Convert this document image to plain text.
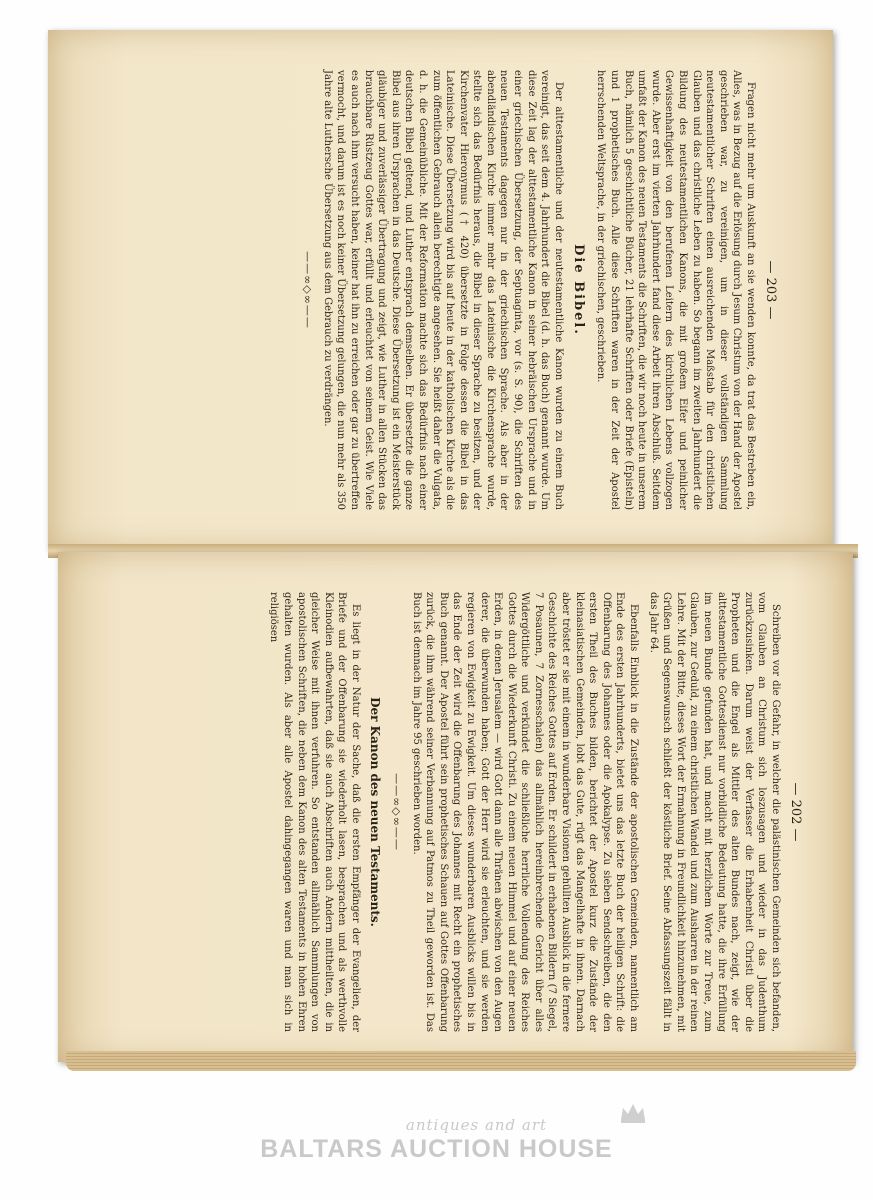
— 203 —

Fragen nicht mehr um Auskunft an sie wenden konnte, da trat das Bestreben ein, Alles, was in Bezug auf die Erlösung durch Jesum Christum von der Hand der Apostel geschrieben war, zu vereinigen, um in dieser vollständigen Sammlung neutestamentlicher Schriften einen ausreichenden Maßstab für den christlichen Glauben und das christliche Leben zu haben. So begann im zweiten Jahrhundert die Bildung des neutestamentlichen Kanons, die mit großem Eifer und peinlicher Gewissenhaftigkeit von den berufenen Leitern des kirchlichen Lebens vollzogen wurde. Aber erst im vierten Jahrhundert fand diese Arbeit ihren Abschluß. Seitdem umfaßt der Kanon des neuen Testaments die Schriften, die wir noch heute in unserem Buch, nämlich 5 geschichtliche Bücher, 21 lehrhafte Schriften oder Briefe (Episteln) und 1 prophetisches Buch. Alle diese Schriften waren in der Zeit der Apostel herrschenden Weltsprache, in der griechischen, geschrieben.

Die Bibel.

Der alttestamentliche und der neutestamentliche Kanon wurden zu einem Buch vereinigt, das seit dem 4. Jahrhundert die Bibel (d. h. das Buch) genannt wurde. Um diese Zeit lag der alttestamentliche Kanon in seiner hebräischen Ursprache und in einer griechischen Übersetzung, der Septuaginta, vor (s. S. 90), die Schriften des neuen Testaments dagegen nur in der griechischen Sprache. Als aber in der abendländischen Kirche immer mehr das Lateinische die Kirchensprache wurde, stellte sich das Bedürfnis heraus, die Bibel in dieser Sprache zu besitzen, und der Kirchenvater Hieronymus († 420) übersetzte in Folge dessen die Bibel in das Lateinische. Diese Übersetzung wird bis auf heute in der katholischen Kirche als die zum öffentlichen Gebrauch allein berechtigte angesehen. Sie heißt daher die Vulgata, d. h. die Gemeinübliche. Mit der Reformation machte sich das Bedürfnis nach einer deutschen Bibel geltend, und Luther entsprach demselben. Er übersetzte die ganze Bibel aus ihren Ursprachen in das Deutsche. Diese Übersetzung ist ein Meisterstück gläubiger und zuverlässiger Übertragung und zeigt, wie Luther in allen Stücken das brauchbare Rüstzeug Gottes war, erfüllt und erleuchtet von seinem Geist. Wie Viele es auch nach ihm versucht haben, keiner hat ihn zu erreichen oder gar zu übertreffen vermocht, und darum ist es noch keiner Übersetzung gelungen, die nun mehr als 350 Jahre alte Luthersche Übersetzung aus dem Gebrauch zu verdrängen.

——∞◇∞——
— 202 —

Schreiben vor die Gefahr, in welcher die palästinischen Gemeinden sich befanden, vom Glauben an Christum sich loszusagen und wieder in das Judenthum zurückzusinken. Darum weist der Verfasser die Erhabenheit Christi über die Propheten und die Engel als Mittler des alten Bundes nach, zeigt, wie der alttestamentliche Gottesdienst nur vorbildliche Bedeutung hatte, die ihre Erfüllung im neuen Bunde gefunden hat, und macht mit herzlichem Worte zur Treue, zum Glauben, zur Geduld, zu einem christlichen Wandel und zum Ausharren in der reinen Lehre. Mit der Bitte, dieses Wort der Ermahnung in Freundlichkeit hinzunehmen, mit Grüßen und Segenswunsch schließt der köstliche Brief. Seine Abfassungszeit fällt in das Jahr 64.

Ebenfalls Einblick in die Zustände der apostolischen Gemeinden, namentlich am Ende des ersten Jahrhunderts, bietet uns das letzte Buch der heiligen Schrift: die Offenbarung des Johannes oder die Apokalypse. Zu sieben Sendschreiben, die den ersten Theil des Buches bilden, berichtet der Apostel kurz die Zustände der kleinasiatischen Gemeinden, lobt das Gute, rügt das Mangelhafte in ihnen. Darnach aber tröstet er sie mit einem in wunderbare Visionen gehüllten Ausblick in die fernere Geschichte des Reiches Gottes auf Erden. Er schildert in erhabenen Bildern (7 Siegel, 7 Posaunen, 7 Zornesschalen) das allmählich hereinbrechende Gericht über alles Widergöttliche und verkündet die schließliche herrliche Vollendung des Reiches Gottes durch die Wiederkunft Christi. Zu einem neuen Himmel und auf einer neuen Erden, in denen Jerusalem — wird Gott dann alle Thränen abwischen von den Augen derer, die überwunden haben; Gott der Herr wird sie erleuchten, und sie werden regieren von Ewigkeit zu Ewigkeit. Um dieses wunderbaren Ausblicks willen bis in das Ende der Zeit wird die Offenbarung des Johannes mit Recht ein prophetisches Buch genannt. Der Apostel führt sein prophetisches Schauen auf Gottes Offenbarung zurück, die ihm während seiner Verbannung auf Patmos zu Theil geworden ist. Das Buch ist demnach im Jahre 95 geschrieben worden.

——∞◇∞——
Der Kanon des neuen Testaments.

Es liegt in der Natur der Sache, daß die ersten Empfänger der Evangelien, der Briefe und der Offenbarung sie wiederholt lasen, besprachen und als werthvolle Kleinodien aufbewahrten, daß sie auch Abschriften auch Andern mittheilten, die in gleicher Weise mit ihnen verfuhren. So entstanden allmählich Sammlungen von apostolischen Schriften, die neben dem Kanon des alten Testaments in hohen Ehren gehalten wurden. Als aber alle Apostel dahingegangen waren und man sich in religiösen

antiques and art
BALTARS AUCTION HOUSE
